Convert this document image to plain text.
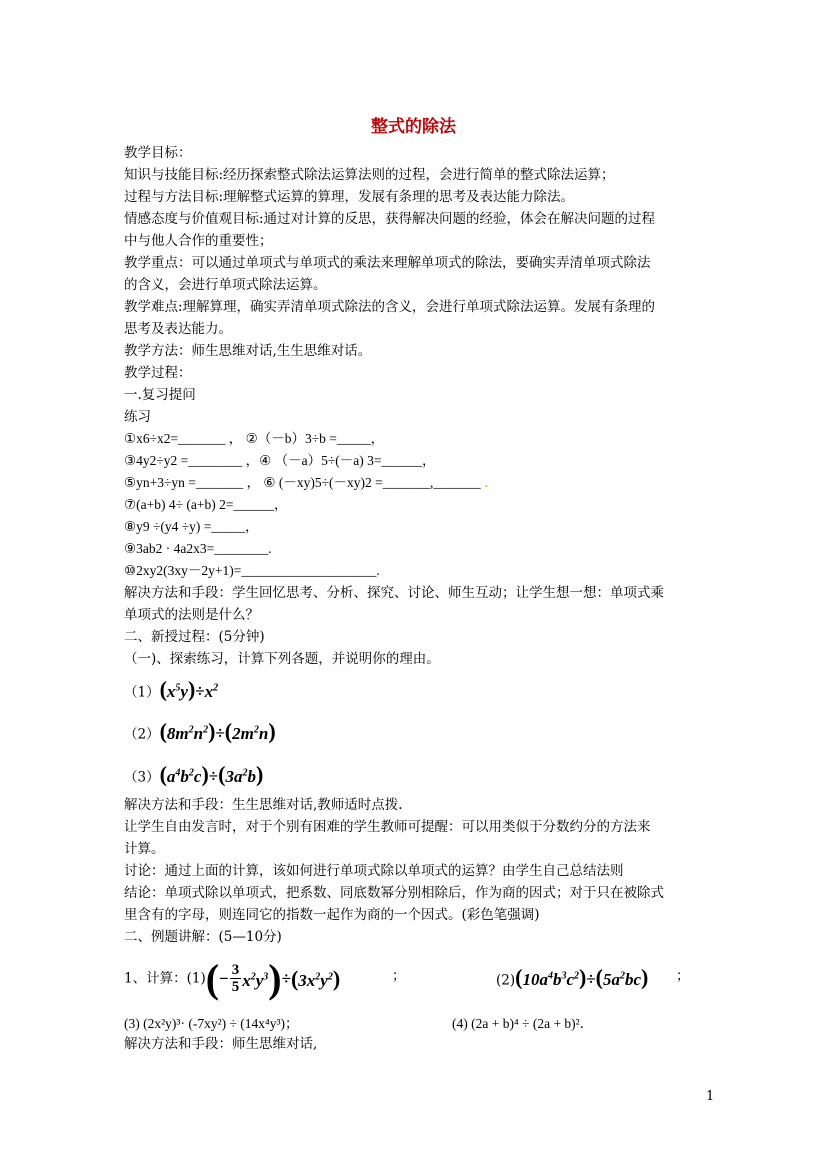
整式的除法
教学目标：
知识与技能目标:经历探索整式除法运算法则的过程，会进行简单的整式除法运算；
过程与方法目标:理解整式运算的算理，发展有条理的思考及表达能力除法。
情感态度与价值观目标:通过对计算的反思，获得解决问题的经验，体会在解决问题的过程
中与他人合作的重要性；
教学重点：可以通过单项式与单项式的乘法来理解单项式的除法，要确实弄清单项式除法
的含义，会进行单项式除法运算。
教学难点:理解算理，确实弄清单项式除法的含义，会进行单项式除法运算。发展有条理的
思考及表达能力。
教学方法：师生思维对话,生生思维对话。
教学过程：
一.复习提问
练习
①x6÷x2=_______ ， ②（－b）3÷b =_____，
③4y2÷y2 =________ ，④ （－a）5÷(－a) 3=______，
⑤yn+3÷yn =_______ ， ⑥ (－xy)5÷(－xy)2 =_______,_______ .
⑦(a+b) 4÷ (a+b) 2=______，
⑧y9 ÷(y4 ÷y) =_____，
⑨3ab2 · 4a2x3=________.
⑩2xy2(3xy－2y+1)=____________________.
解决方法和手段：学生回忆思考、分析、探究、讨论、师生互动；让学生想一想：单项式乘
单项式的法则是什么？
二、新授过程：(5分钟)
（一)、探索练习，计算下列各题，并说明你的理由。
$(1)(x^5y)\div x^2$
$(2)(8m^2n^2)\div(2m^2n)$
$(3)(a^4b^2c)\div(3a^2b)$
解决方法和手段：生生思维对话,教师适时点拨.
让学生自由发言时，对于个别有困难的学生教师可提醒：可以用类似于分数约分的方法来
计算。
讨论：通过上面的计算，该如何进行单项式除以单项式的运算？由学生自己总结法则
结论：单项式除以单项式，把系数、同底数幂分别相除后，作为商的因式；对于只在被除式
里含有的字母，则连同它的指数一起作为商的一个因式。(彩色笔强调)
二、例题讲解：(5—10分)
1、计算：$(1)(- \frac{3}{5} x^2y^3)\div(3x^2y^2)$	；	$(2)(10a^4b^3c^2)\div(5a^2bc)$ ；
(3) (2x²y)³· (-7xy²) ÷ (14x⁴y³)；	(4) (2a + b)⁴ ÷ (2a + b)²．
解决方法和手段：师生思维对话,
1
